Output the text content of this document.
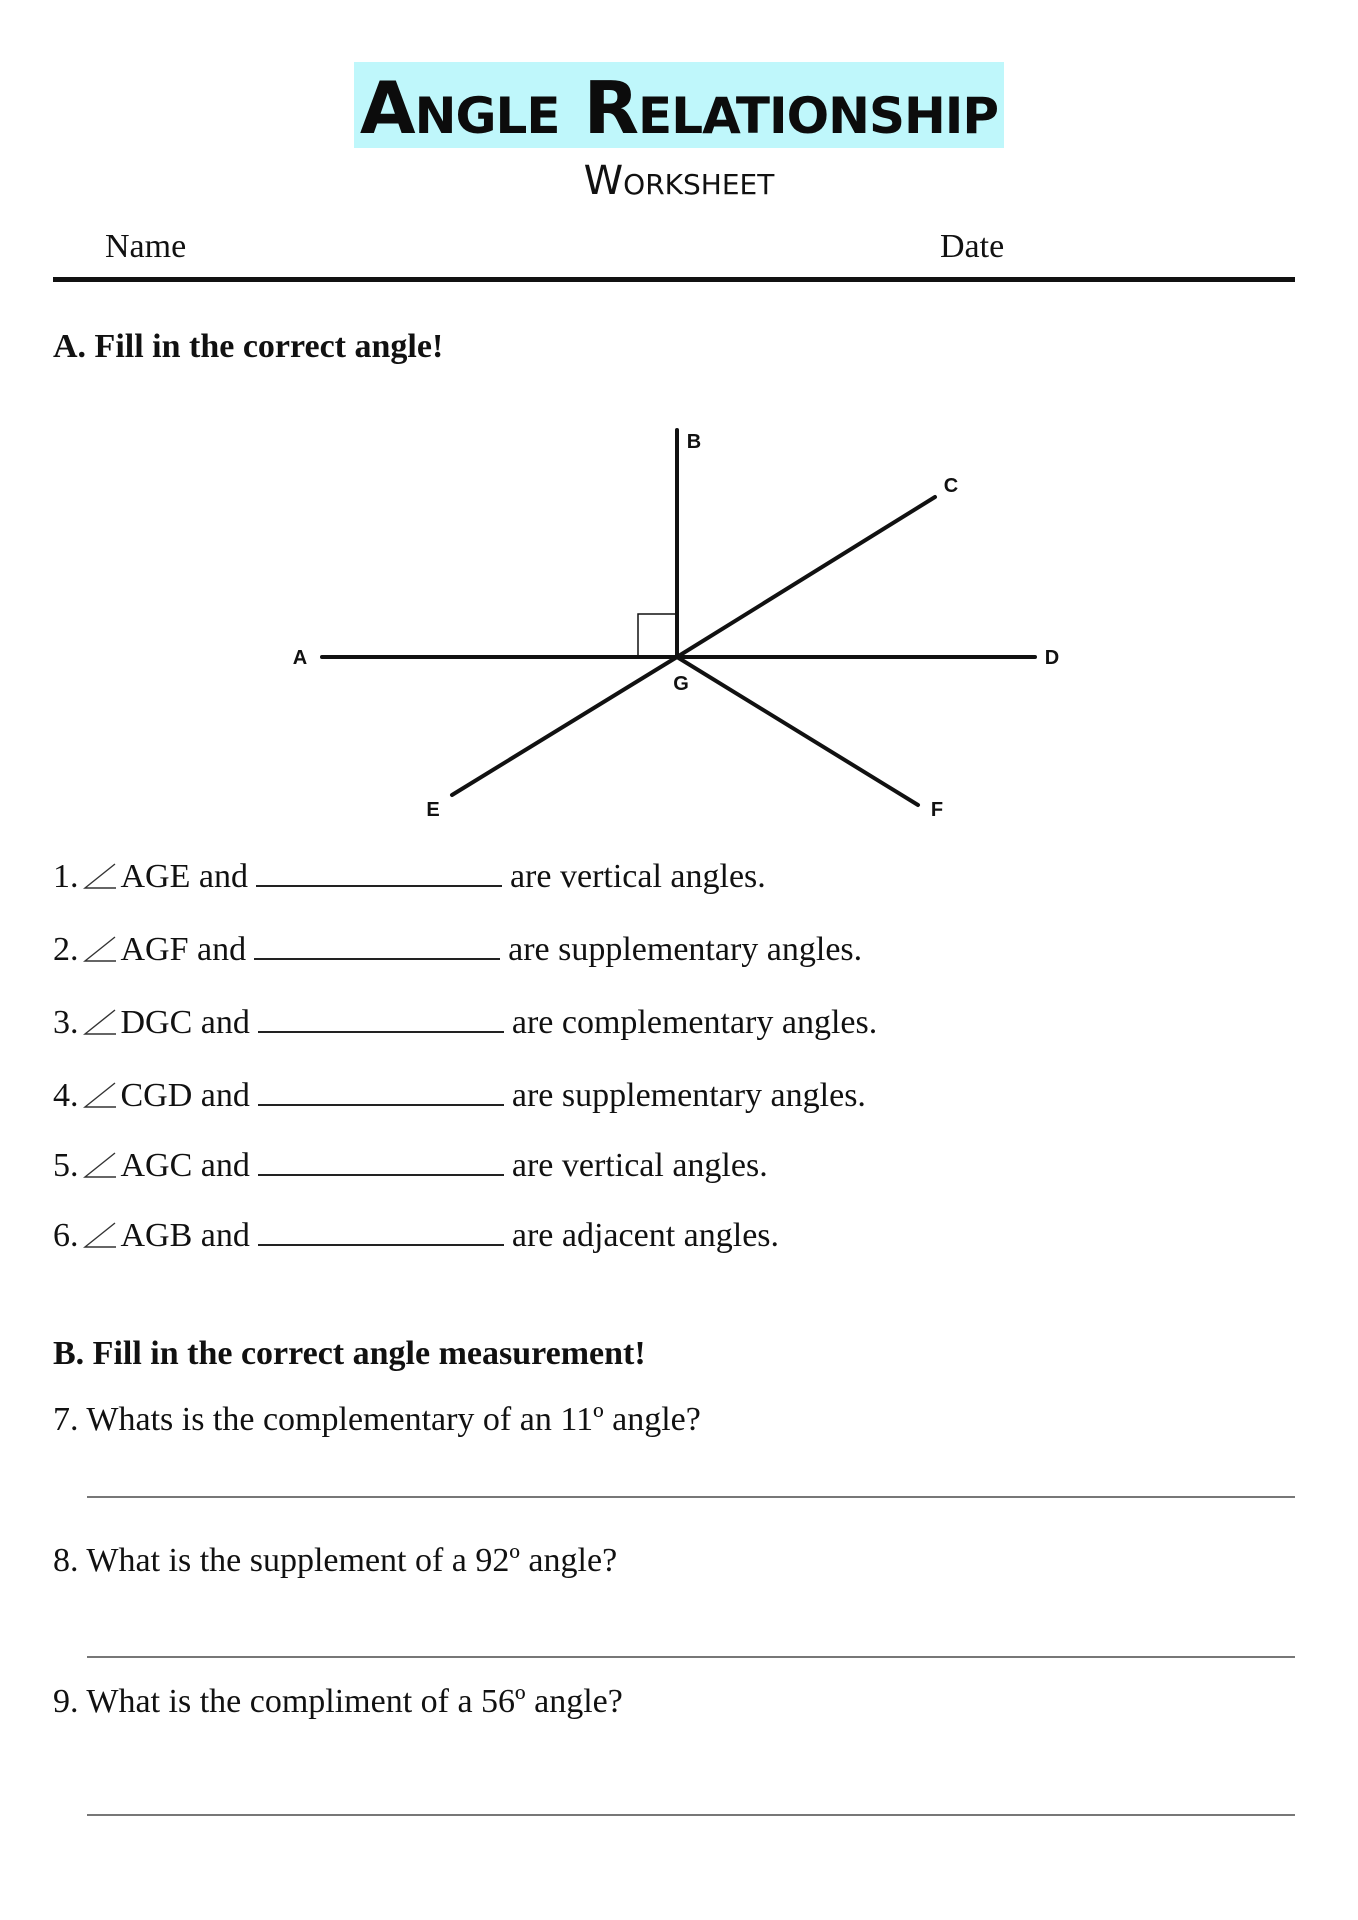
Angle Relationship
Worksheet
Name	Date
A. Fill in the correct angle!
A
B
C
D
E	F
G
1. AGE and	are vertical angles.
2. AGF and	are supplementary angles.
3. DGC and	are complementary angles.
4. CGD and	are supplementary angles.
5. AGC and	are vertical angles.
6. AGB and	are adjacent angles.
B. Fill in the correct angle measurement!
7. Whats is the complementary of an 11º angle?
8. What is the supplement of a 92º angle?
9. What is the compliment of a 56º angle?
